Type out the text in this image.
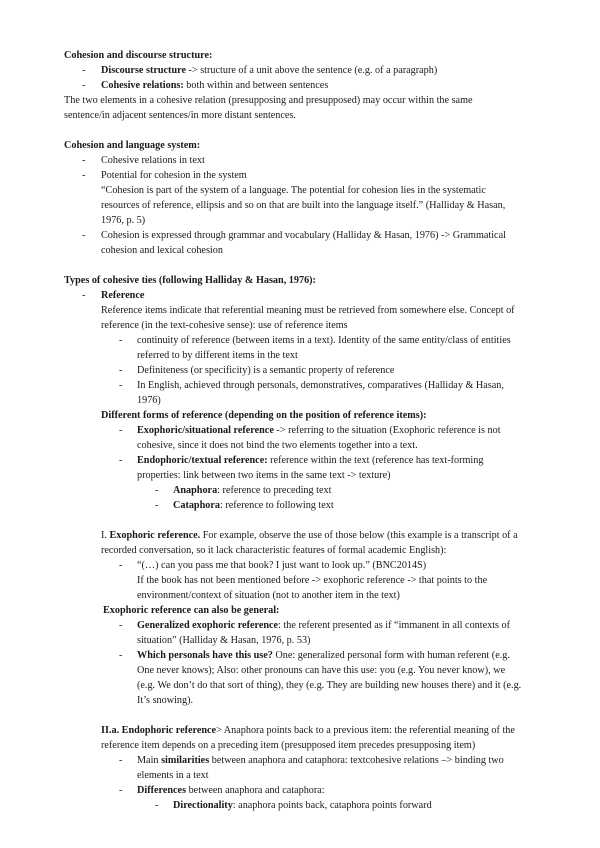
Cohesion and discourse structure:
- Discourse structure -> structure of a unit above the sentence (e.g. of a paragraph)
- Cohesive relations: both within and between sentences
The two elements in a cohesive relation (presupposing and presupposed) may occur within the same
sentence/in adjacent sentences/in more distant sentences.
Cohesion and language system:
- Cohesive relations in text
- Potential for cohesion in the system
“Cohesion is part of the system of a language. The potential for cohesion lies in the systematic
resources of reference, ellipsis and so on that are built into the language itself.” (Halliday & Hasan,
1976, p. 5)
- Cohesion is expressed through grammar and vocabulary (Halliday & Hasan, 1976) -> Grammatical
cohesion and lexical cohesion
Types of cohesive ties (following Halliday & Hasan, 1976):
- Reference
Reference items indicate that referential meaning must be retrieved from somewhere else. Concept of
reference (in the text-cohesive sense): use of reference items
- continuity of reference (between items in a text). Identity of the same entity/class of entities
referred to by different items in the text
- Definiteness (or specificity) is a semantic property of reference
- In English, achieved through personals, demonstratives, comparatives (Halliday & Hasan,
1976)
Different forms of reference (depending on the position of reference items):
- Exophoric/situational reference -> referring to the situation (Exophoric reference is not
cohesive, since it does not bind the two elements together into a text.
- Endophoric/textual reference: reference within the text (reference has text-forming
properties: link between two items in the same text -> texture)
- Anaphora: reference to preceding text
- Cataphora: reference to following text
I. Exophoric reference. For example, observe the use of those below (this example is a transcript of a
recorded conversation, so it lack characteristic features of formal academic English):
- “(…) can you pass me that book? I just want to look up.” (BNC2014S)
If the book has not been mentioned before -> exophoric reference -> that points to the
environment/context of situation (not to another item in the text)
Exophoric reference can also be general:
- Generalized exophoric reference: the referent presented as if “immanent in all contexts of
situation” (Halliday & Hasan, 1976, p. 53)
- Which personals have this use? One: generalized personal form with human referent (e.g.
One never knows); Also: other pronouns can have this use: you (e.g. You never know), we
(e.g. We don’t do that sort of thing), they (e.g. They are building new houses there) and it (e.g.
It’s snowing).
II.a. Endophoric reference> Anaphora points back to a previous item: the referential meaning of the
reference item depends on a preceding item (presupposed item precedes presupposing item)
- Main similarities between anaphora and cataphora: textcohesive relations –> binding two
elements in a text
- Differences between anaphora and cataphora:
- Directionality: anaphora points back, cataphora points forward
